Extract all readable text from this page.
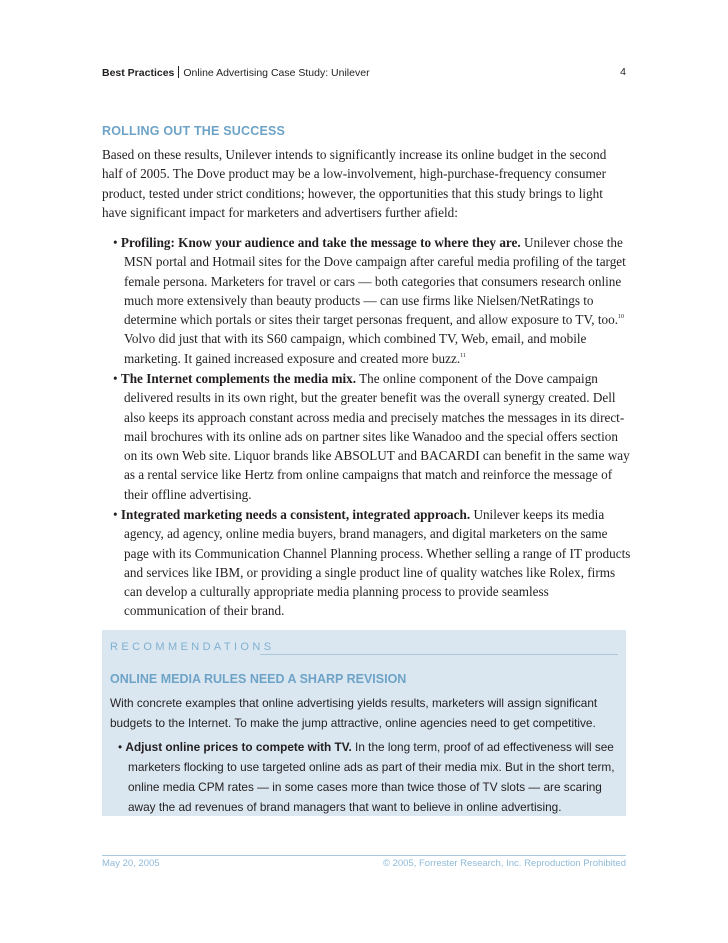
Best Practices Online Advertising Case Study: Unilever	4
ROLLING OUT THE SUCCESS
Based on these results, Unilever intends to significantly increase its online budget in the second half of 2005. The Dove product may be a low-involvement, high-purchase-frequency consumer product, tested under strict conditions; however, the opportunities that this study brings to light have significant impact for marketers and advertisers further afield:
• Profiling: Know your audience and take the message to where they are. Unilever chose the MSN portal and Hotmail sites for the Dove campaign after careful media profiling of the target female persona. Marketers for travel or cars — both categories that consumers research online much more extensively than beauty products — can use firms like Nielsen/NetRatings to determine which portals or sites their target personas frequent, and allow exposure to TV, too.$^{10}$ Volvo did just that with its S60 campaign, which combined TV, Web, email, and mobile marketing. It gained increased exposure and created more buzz.$^{11}$
• The Internet complements the media mix. The online component of the Dove campaign delivered results in its own right, but the greater benefit was the overall synergy created. Dell also keeps its approach constant across media and precisely matches the messages in its direct-mail brochures with its online ads on partner sites like Wanadoo and the special offers section on its own Web site. Liquor brands like ABSOLUT and BACARDI can benefit in the same way as a rental service like Hertz from online campaigns that match and reinforce the message of their offline advertising.
• Integrated marketing needs a consistent, integrated approach. Unilever keeps its media agency, ad agency, online media buyers, brand managers, and digital marketers on the same page with its Communication Channel Planning process. Whether selling a range of IT products and services like IBM, or providing a single product line of quality watches like Rolex, firms can develop a culturally appropriate media planning process to provide seamless communication of their brand.
RECOMMENDATIONS
ONLINE MEDIA RULES NEED A SHARP REVISION
With concrete examples that online advertising yields results, marketers will assign significant budgets to the Internet. To make the jump attractive, online agencies need to get competitive.
• Adjust online prices to compete with TV. In the long term, proof of ad effectiveness will see marketers flocking to use targeted online ads as part of their media mix. But in the short term, online media CPM rates — in some cases more than twice those of TV slots — are scaring away the ad revenues of brand managers that want to believe in online advertising.
May 20, 2005	© 2005, Forrester Research, Inc. Reproduction Prohibited
